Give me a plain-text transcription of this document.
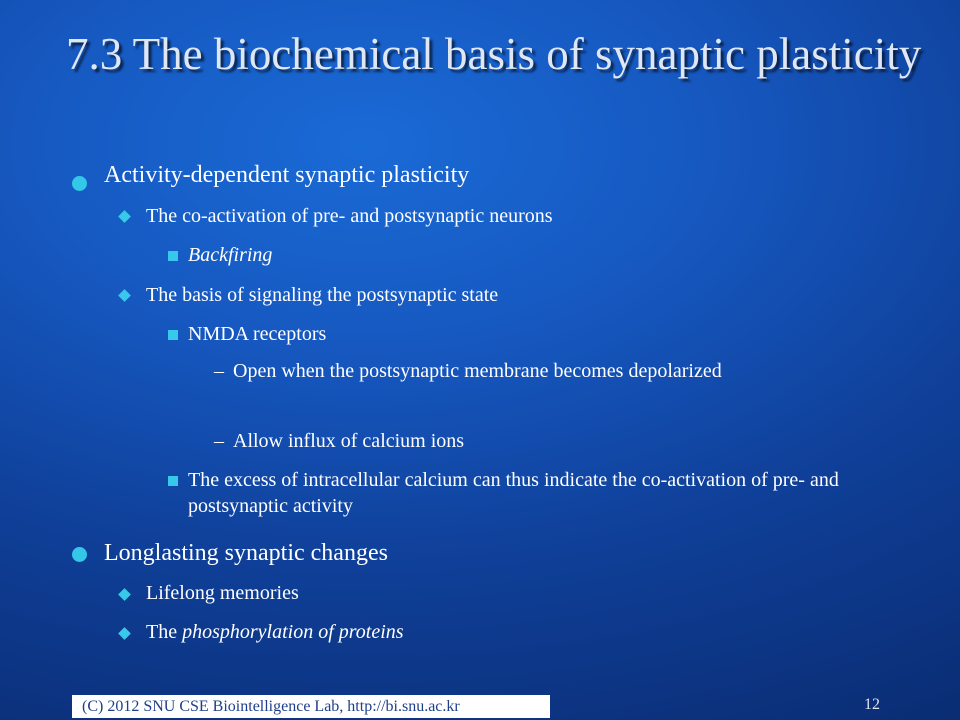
7.3 The biochemical basis of synaptic plasticity
Activity-dependent synaptic plasticity
The co-activation of pre- and postsynaptic neurons
Backfiring
The basis of signaling the postsynaptic state
NMDA receptors
– Open when the postsynaptic membrane becomes depolarized
– Allow influx of calcium ions
The excess of intracellular calcium can thus indicate the co-activation of pre- and postsynaptic activity
Longlasting synaptic changes
Lifelong memories
The phosphorylation of proteins
(C) 2012 SNU CSE Biointelligence Lab, http://bi.snu.ac.kr	12
